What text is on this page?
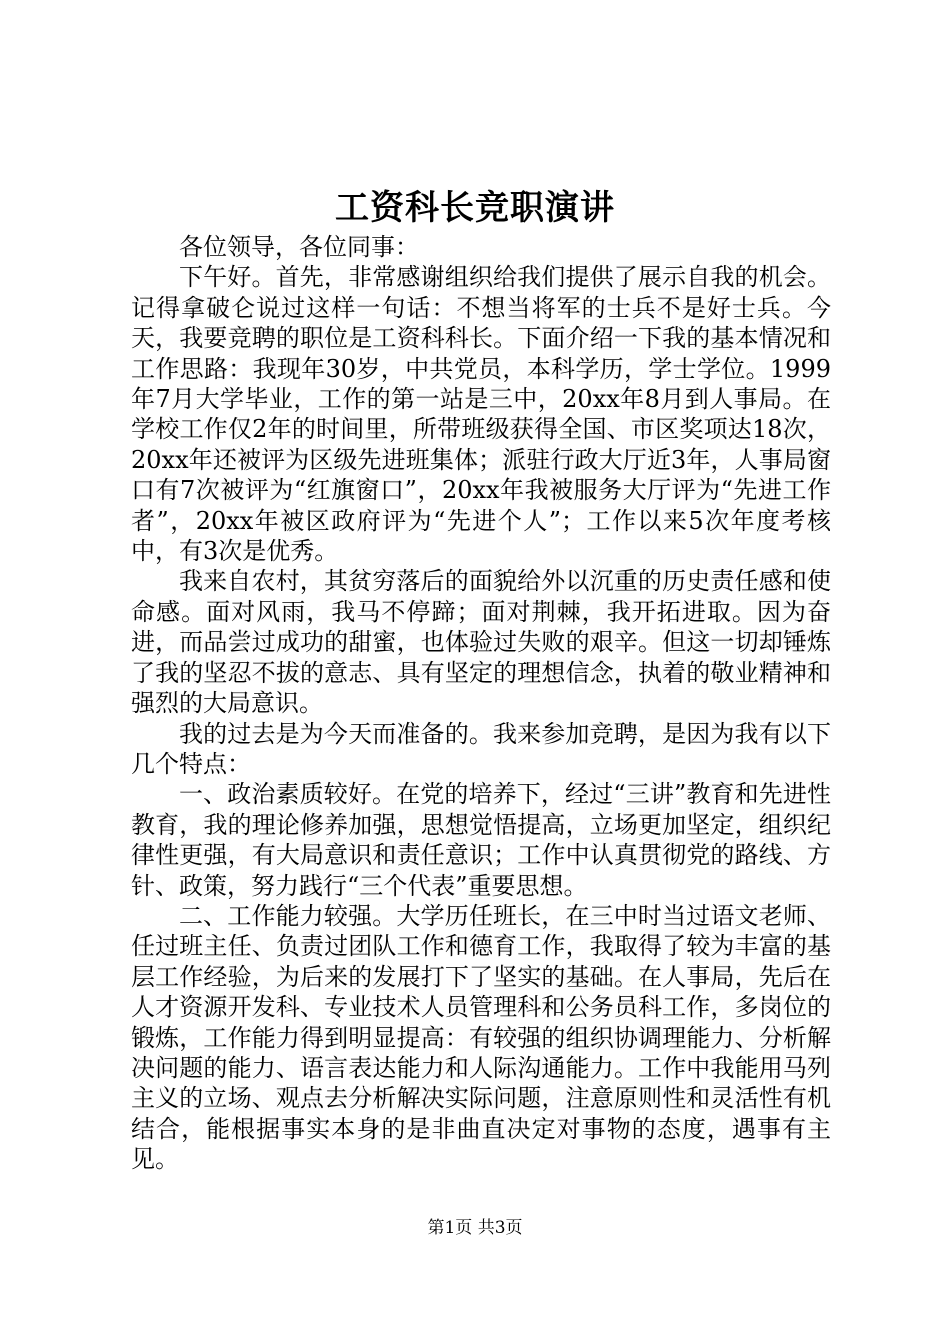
工资科长竞职演讲

各位领导，各位同事：

下午好。首先，非常感谢组织给我们提供了展示自我的机会。记得拿破仑说过这样一句话：不想当将军的士兵不是好士兵。今天，我要竞聘的职位是工资科科长。下面介绍一下我的基本情况和工作思路：我现年30岁，中共党员，本科学历，学士学位。1999年7月大学毕业，工作的第一站是三中，20xx年8月到人事局。在学校工作仅2年的时间里，所带班级获得全国、市区奖项达18次，20xx年还被评为区级先进班集体；派驻行政大厅近3年，人事局窗口有7次被评为“红旗窗口”，20xx年我被服务大厅评为“先进工作者”，20xx年被区政府评为“先进个人”；工作以来5次年度考核中，有3次是优秀。

我来自农村，其贫穷落后的面貌给外以沉重的历史责任感和使命感。面对风雨，我马不停蹄；面对荆棘，我开拓进取。因为奋进，而品尝过成功的甜蜜，也体验过失败的艰辛。但这一切却锤炼了我的坚忍不拔的意志、具有坚定的理想信念，执着的敬业精神和强烈的大局意识。

我的过去是为今天而准备的。我来参加竞聘，是因为我有以下几个特点：

一、政治素质较好。在党的培养下，经过“三讲”教育和先进性教育，我的理论修养加强，思想觉悟提高，立场更加坚定，组织纪律性更强，有大局意识和责任意识；工作中认真贯彻党的路线、方针、政策，努力践行“三个代表”重要思想。

二、工作能力较强。大学历任班长，在三中时当过语文老师、任过班主任、负责过团队工作和德育工作，我取得了较为丰富的基层工作经验，为后来的发展打下了坚实的基础。在人事局，先后在人才资源开发科、专业技术人员管理科和公务员科工作，多岗位的锻炼，工作能力得到明显提高：有较强的组织协调理能力、分析解决问题的能力、语言表达能力和人际沟通能力。工作中我能用马列主义的立场、观点去分析解决实际问题，注意原则性和灵活性有机结合，能根据事实本身的是非曲直决定对事物的态度，遇事有主见。

第1页 共3页
